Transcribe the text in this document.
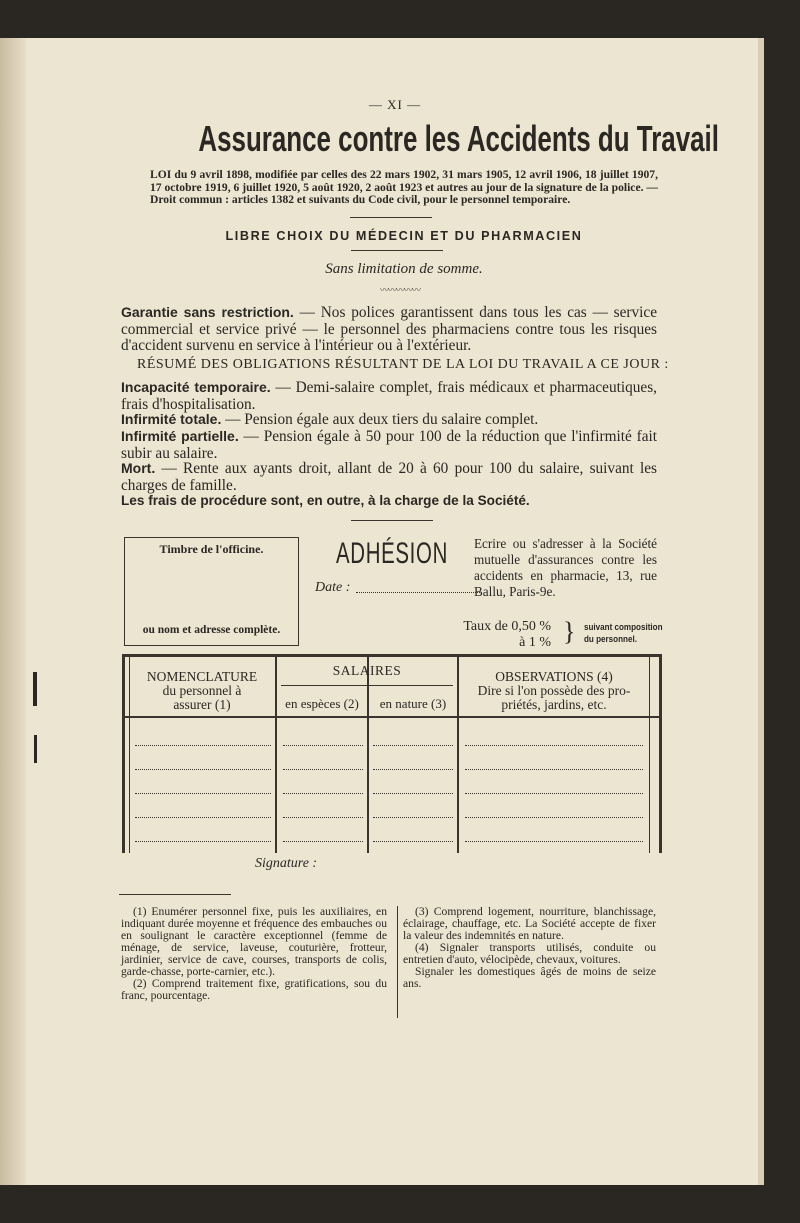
— XI —
Assurance contre les Accidents du Travail
LOI du 9 avril 1898, modifiée par celles des 22 mars 1902, 31 mars 1905, 12 avril 1906, 18 juillet 1907, 17 octobre 1919, 6 juillet 1920, 5 août 1920, 2 août 1923 et autres au jour de la signature de la police. — Droit commun : articles 1382 et suivants du Code civil, pour le personnel temporaire.
LIBRE CHOIX DU MÉDECIN ET DU PHARMACIEN
Sans limitation de somme.
〰〰〰〰〰
Garantie sans restriction. — Nos polices garantissent dans tous les cas — service commercial et service privé — le personnel des pharmaciens contre tous les risques d'accident survenu en service à l'intérieur ou à l'extérieur.
RÉSUMÉ DES OBLIGATIONS RÉSULTANT DE LA LOI DU TRAVAIL A CE JOUR :
Incapacité temporaire. — Demi-salaire complet, frais médicaux et pharmaceutiques, frais d'hospitalisation.
Infirmité totale. — Pension égale aux deux tiers du salaire complet.
Infirmité partielle. — Pension égale à 50 pour 100 de la réduction que l'infirmité fait subir au salaire.
Mort. — Rente aux ayants droit, allant de 20 à 60 pour 100 du salaire, suivant les charges de famille.
Les frais de procédure sont, en outre, à la charge de la Société.
Timbre de l'officine.
ou nom et adresse complète.
ADHÉSION
Date :
Ecrire ou s'adresser à la Société mutuelle d'assurances contre les accidents en pharmacie, 13, rue Ballu, Paris-9e.
Taux de 0,50 %
à 1 % } suivant composition
du personnel.
NOMENCLATURE
du personnel à
assurer (1)
SALAIRES
en espèces (2)	en nature (3)
OBSERVATIONS (4)
Dire si l'on possède des pro-
priétés, jardins, etc.
Signature :

(1) Enumérer personnel fixe, puis les auxiliaires, en indiquant durée moyenne et fréquence des embauches ou en soulignant le caractère exceptionnel (femme de ménage, de service, laveuse, couturière, frotteur, jardinier, service de cave, courses, transports de colis, garde-chasse, porte-carnier, etc.).

(2) Comprend traitement fixe, gratifications, sou du franc, pourcentage.

(3) Comprend logement, nourriture, blanchissage, éclairage, chauffage, etc. La Société accepte de fixer la valeur des indemnités en nature.

(4) Signaler transports utilisés, conduite ou entretien d'auto, vélocipède, chevaux, voitures.

Signaler les domestiques âgés de moins de seize ans.
